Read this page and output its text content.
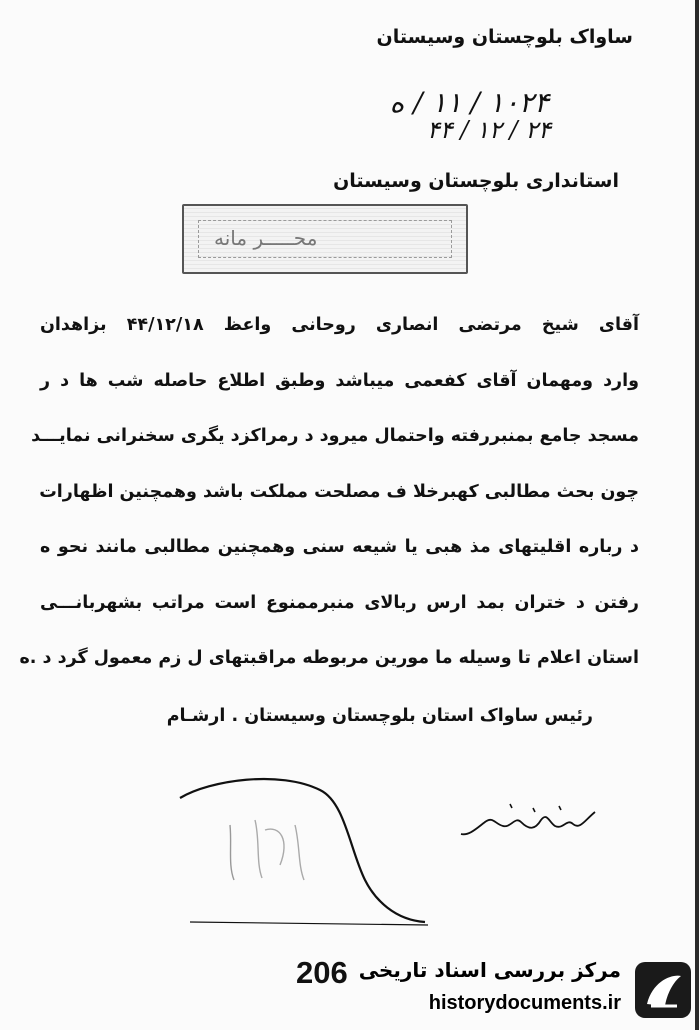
ساواک بلوچستان وسیستان
۱۰۲۴ / ۱۱ / ه
۲۴ / ۱۲ / ۴۴
استانداری بلوچستان وسیستان
محـــــر مانه
آقای شیخ مرتضی انصاری روحانی واعظ ۴۴/۱۲/۱۸ بزاهدان
وارد ومهمان آقای کفعمی میباشد وطبق اطلاع حاصله شب ها د ر
مسجد جامع بمنبررفته واحتمال میرود د رمراکزد یگری سخنرانی نمایـــد
چون بحث مطالبی کهبرخلا ف مصلحت مملکت باشد وهمچنین اظهارات
د رباره اقلیتهای مذ هبی یا شیعه سنی وهمچنین مطالبی مانند نحو ه
رفتن د ختران بمد ارس ربالای منبرممنوع است مراتب بشهربانـــی
استان اعلام تا وسیله ما مورین مربوطه مراقبتهای ل زم معمول گرد د .ه
رئیس ساواک استان بلوچستان وسیستان . ارشـام
206 مرکز بررسی اسناد تاریخی
historydocuments.ir
